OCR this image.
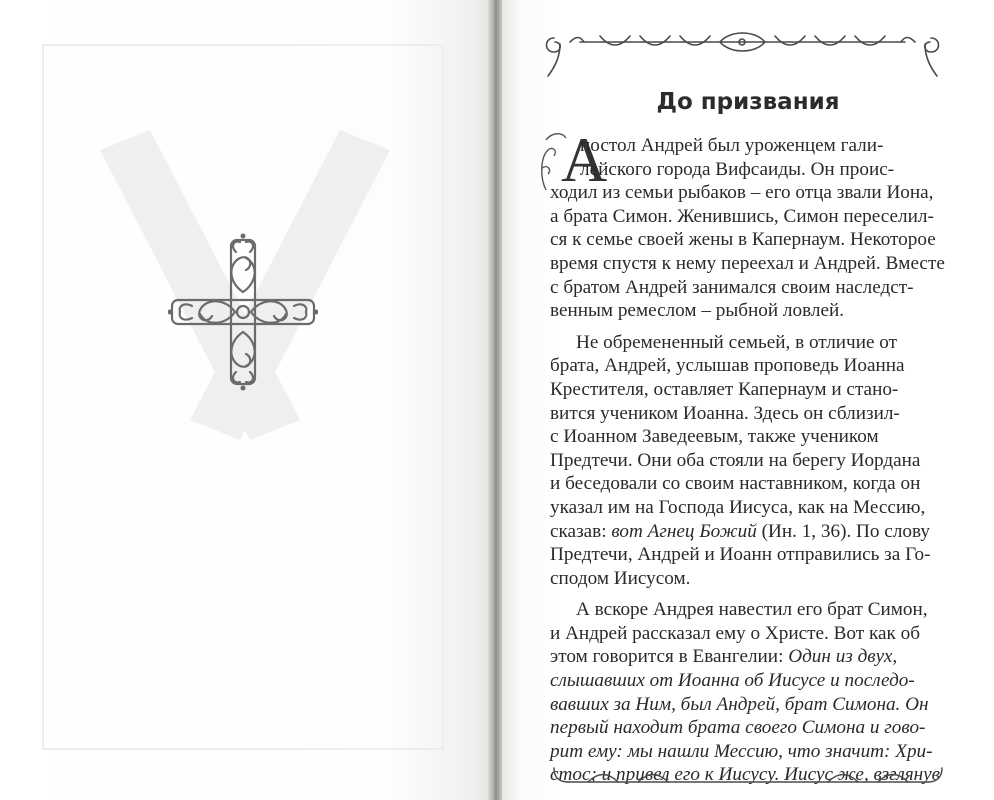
До призвания
А
постол Андрей был уроженцем гали-
лейского города Вифсаиды. Он проис-
ходил из семьи рыбаков – его отца звали Иона,
а брата Симон. Женившись, Симон переселил-
ся к семье своей жены в Капернаум. Некоторое
время спустя к нему переехал и Андрей. Вместе
с братом Андрей занимался своим наследст-
венным ремеслом – рыбной ловлей.
Не обремененный семьей, в отличие от
брата, Андрей, услышав проповедь Иоанна
Крестителя, оставляет Капернаум и стано-
вится учеником Иоанна. Здесь он сблизил-
с Иоанном Заведеевым, также учеником
Предтечи. Они оба стояли на берегу Иордана
и беседовали со своим наставником, когда он
указал им на Господа Иисуса, как на Мессию,
сказав: вот Агнец Божий (Ин. 1, 36). По слову
Предтечи, Андрей и Иоанн отправились за Го-
сподом Иисусом.
А вскоре Андрея навестил его брат Симон,
и Андрей рассказал ему о Христе. Вот как об
этом говорится в Евангелии: Один из двух,
слышавших от Иоанна об Иисусе и последо-
вавших за Ним, был Андрей, брат Симона. Он
первый находит брата своего Симона и гово-
рит ему: мы нашли Мессию, что значит: Хри-
стос; и привел его к Иисусу. Иисус же, взглянув
